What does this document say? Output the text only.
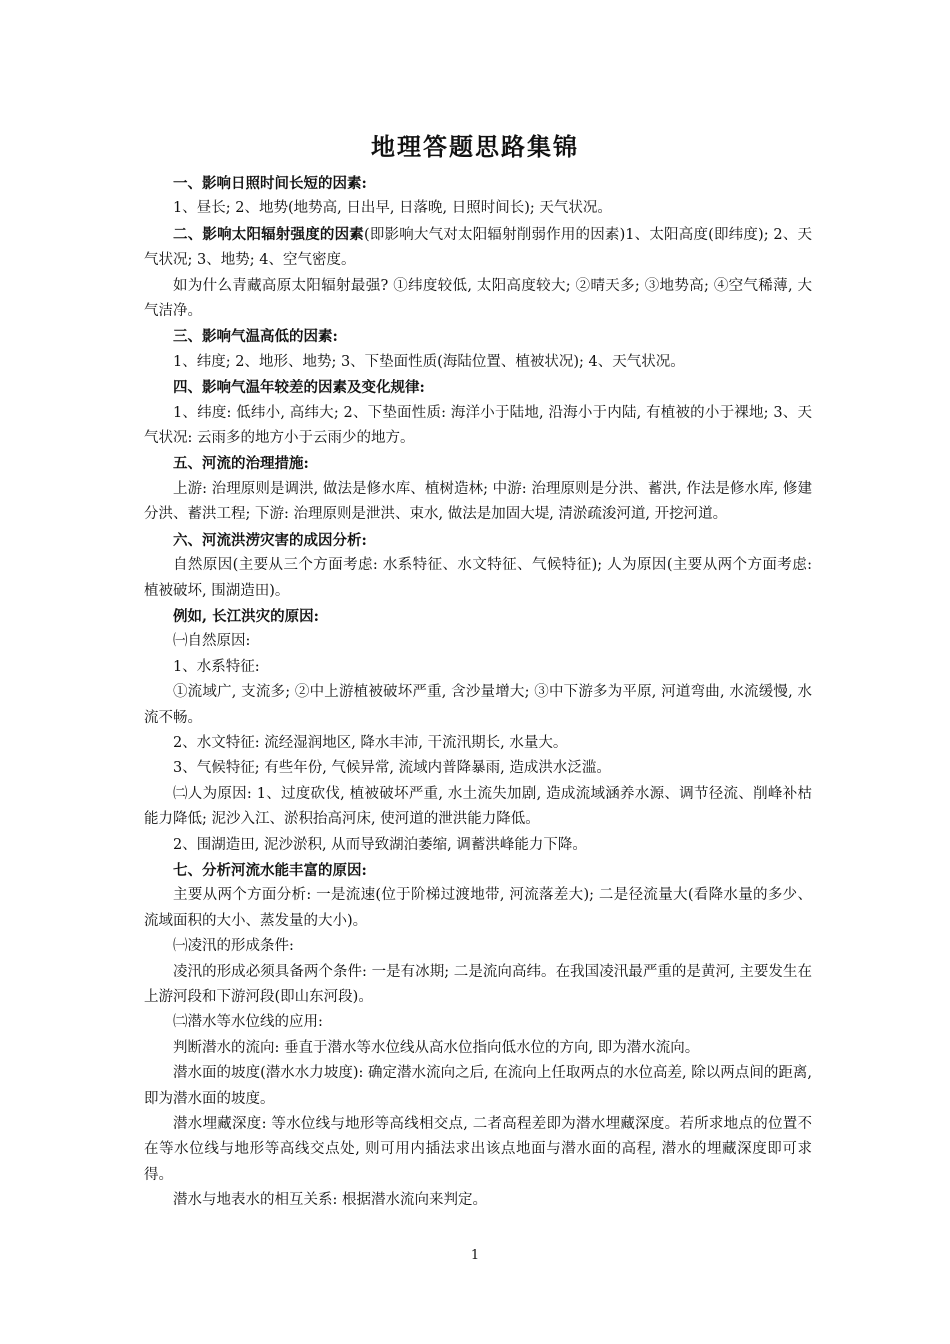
地理答题思路集锦

一、影响日照时间长短的因素:

1、昼长; 2、地势(地势高, 日出早, 日落晚, 日照时间长); 天气状况。

二、影响太阳辐射强度的因素(即影响大气对太阳辐射削弱作用的因素)1、太阳高度(即纬度); 2、天气状况; 3、地势; 4、空气密度。

如为什么青藏高原太阳辐射最强? ①纬度较低, 太阳高度较大; ②晴天多; ③地势高; ④空气稀薄, 大气洁净。

三、影响气温高低的因素:

1、纬度; 2、地形、地势; 3、下垫面性质(海陆位置、植被状况); 4、天气状况。

四、影响气温年较差的因素及变化规律:

1、纬度: 低纬小, 高纬大; 2、下垫面性质: 海洋小于陆地, 沿海小于内陆, 有植被的小于裸地; 3、天气状况: 云雨多的地方小于云雨少的地方。

五、河流的治理措施:

上游: 治理原则是调洪, 做法是修水库、植树造林; 中游: 治理原则是分洪、蓄洪, 作法是修水库, 修建分洪、蓄洪工程; 下游: 治理原则是泄洪、束水, 做法是加固大堤, 清淤疏浚河道, 开挖河道。

六、河流洪涝灾害的成因分析:

自然原因(主要从三个方面考虑: 水系特征、水文特征、气候特征); 人为原因(主要从两个方面考虑: 植被破坏, 围湖造田)。

例如, 长江洪灾的原因:

㈠自然原因:

1、水系特征:

①流域广, 支流多; ②中上游植被破坏严重, 含沙量增大; ③中下游多为平原, 河道弯曲, 水流缓慢, 水流不畅。

2、水文特征: 流经湿润地区, 降水丰沛, 干流汛期长, 水量大。

3、气候特征; 有些年份, 气候异常, 流域内普降暴雨, 造成洪水泛滥。

㈡人为原因: 1、过度砍伐, 植被破坏严重, 水土流失加剧, 造成流域涵养水源、调节径流、削峰补枯能力降低; 泥沙入江、淤积抬高河床, 使河道的泄洪能力降低。

2、围湖造田, 泥沙淤积, 从而导致湖泊萎缩, 调蓄洪峰能力下降。

七、分析河流水能丰富的原因:

主要从两个方面分析: 一是流速(位于阶梯过渡地带, 河流落差大); 二是径流量大(看降水量的多少、流域面积的大小、蒸发量的大小)。

㈠凌汛的形成条件:

凌汛的形成必须具备两个条件: 一是有冰期; 二是流向高纬。在我国凌汛最严重的是黄河, 主要发生在上游河段和下游河段(即山东河段)。

㈡潜水等水位线的应用:

判断潜水的流向: 垂直于潜水等水位线从高水位指向低水位的方向, 即为潜水流向。

潜水面的坡度(潜水水力坡度): 确定潜水流向之后, 在流向上任取两点的水位高差, 除以两点间的距离, 即为潜水面的坡度。

潜水埋藏深度: 等水位线与地形等高线相交点, 二者高程差即为潜水埋藏深度。若所求地点的位置不在等水位线与地形等高线交点处, 则可用内插法求出该点地面与潜水面的高程, 潜水的埋藏深度即可求得。

潜水与地表水的相互关系: 根据潜水流向来判定。

1
